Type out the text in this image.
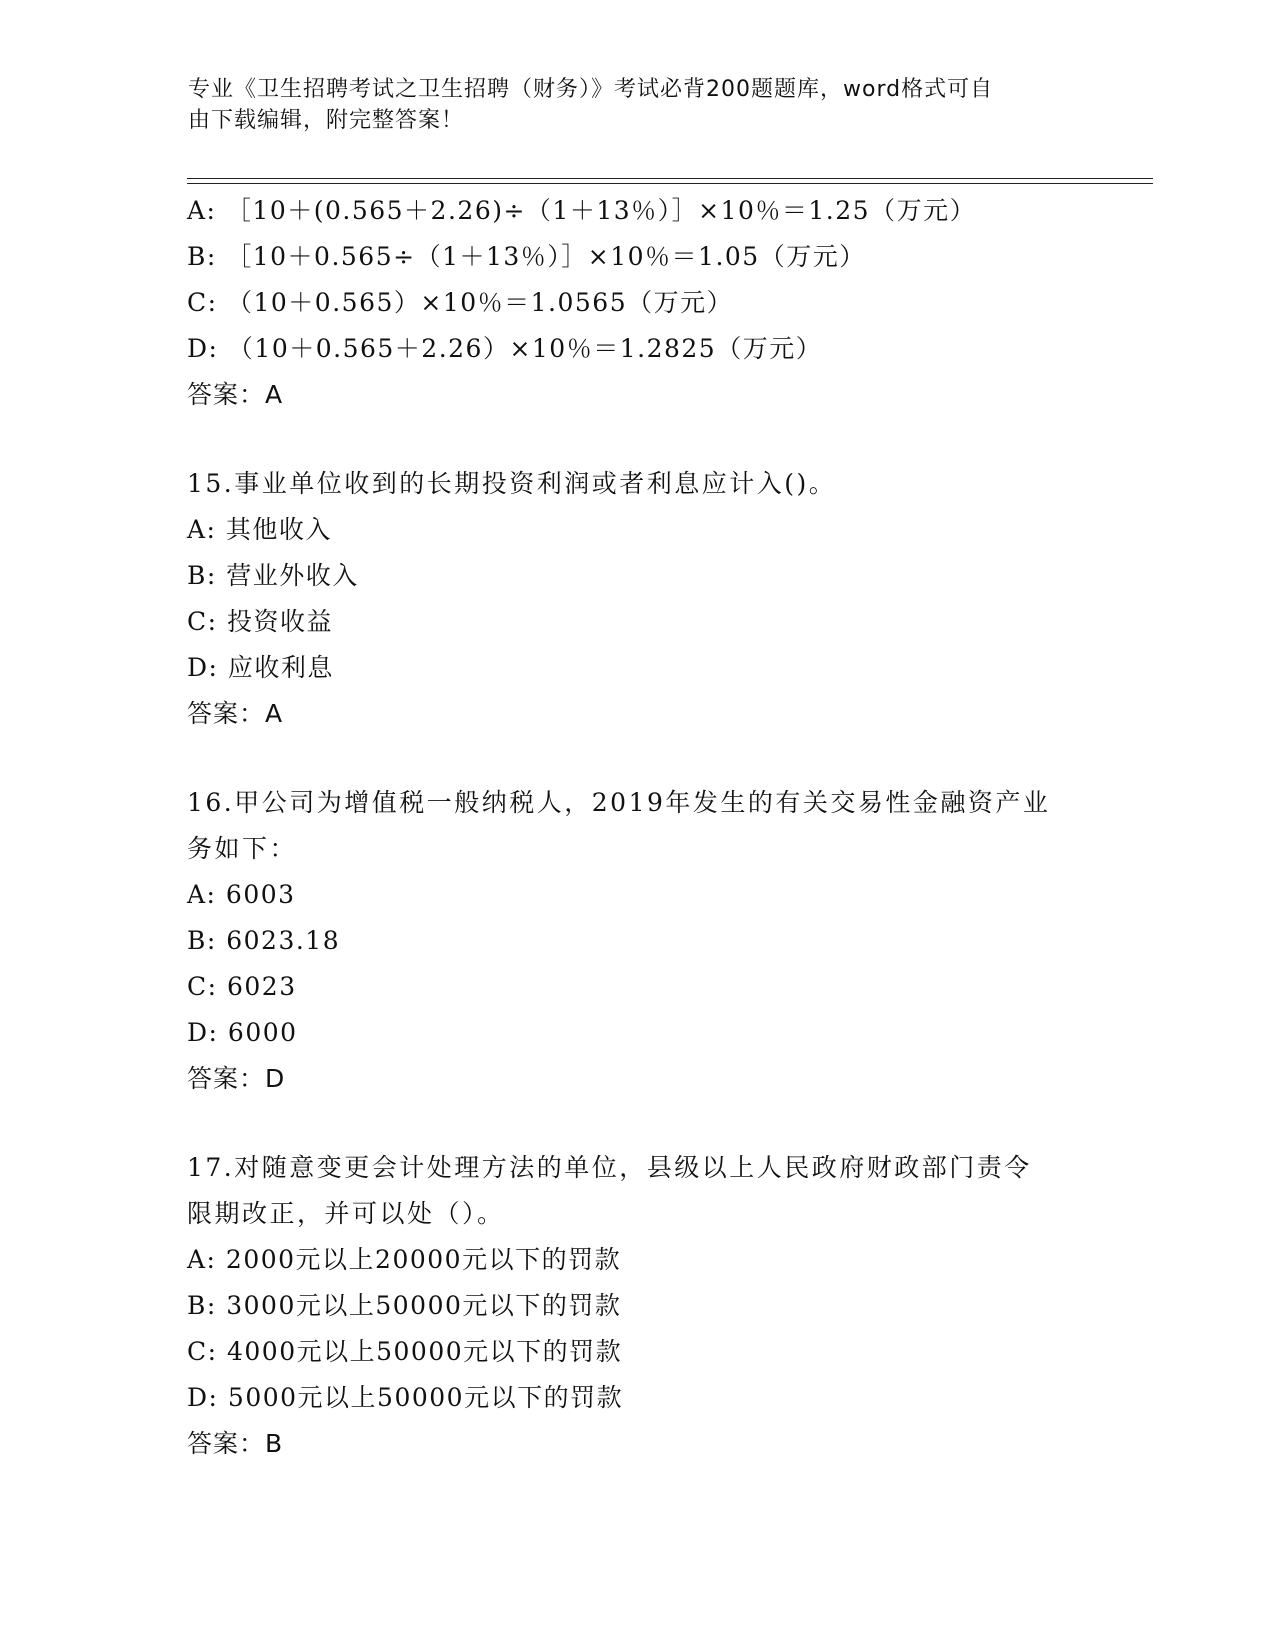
专业《卫生招聘考试之卫生招聘（财务）》考试必背200题题库，word格式可自
由下载编辑，附完整答案！
A: ［10＋(0.565＋2.26)÷（1＋13％）］×10％＝1.25（万元）
B: ［10＋0.565÷（1＋13％）］×10％＝1.05（万元）
C: （10＋0.565）×10％＝1.0565（万元）
D: （10＋0.565＋2.26）×10％＝1.2825（万元）
答案：A
15.事业单位收到的长期投资利润或者利息应计入()。
A: 其他收入
B: 营业外收入
C: 投资收益
D: 应收利息
答案：A
16.甲公司为增值税一般纳税人，2019年发生的有关交易性金融资产业
务如下：
A: 6003
B: 6023.18
C: 6023
D: 6000
答案：D
17.对随意变更会计处理方法的单位，县级以上人民政府财政部门责令
限期改正，并可以处（）。
A: 2000元以上20000元以下的罚款
B: 3000元以上50000元以下的罚款
C: 4000元以上50000元以下的罚款
D: 5000元以上50000元以下的罚款
答案：B
